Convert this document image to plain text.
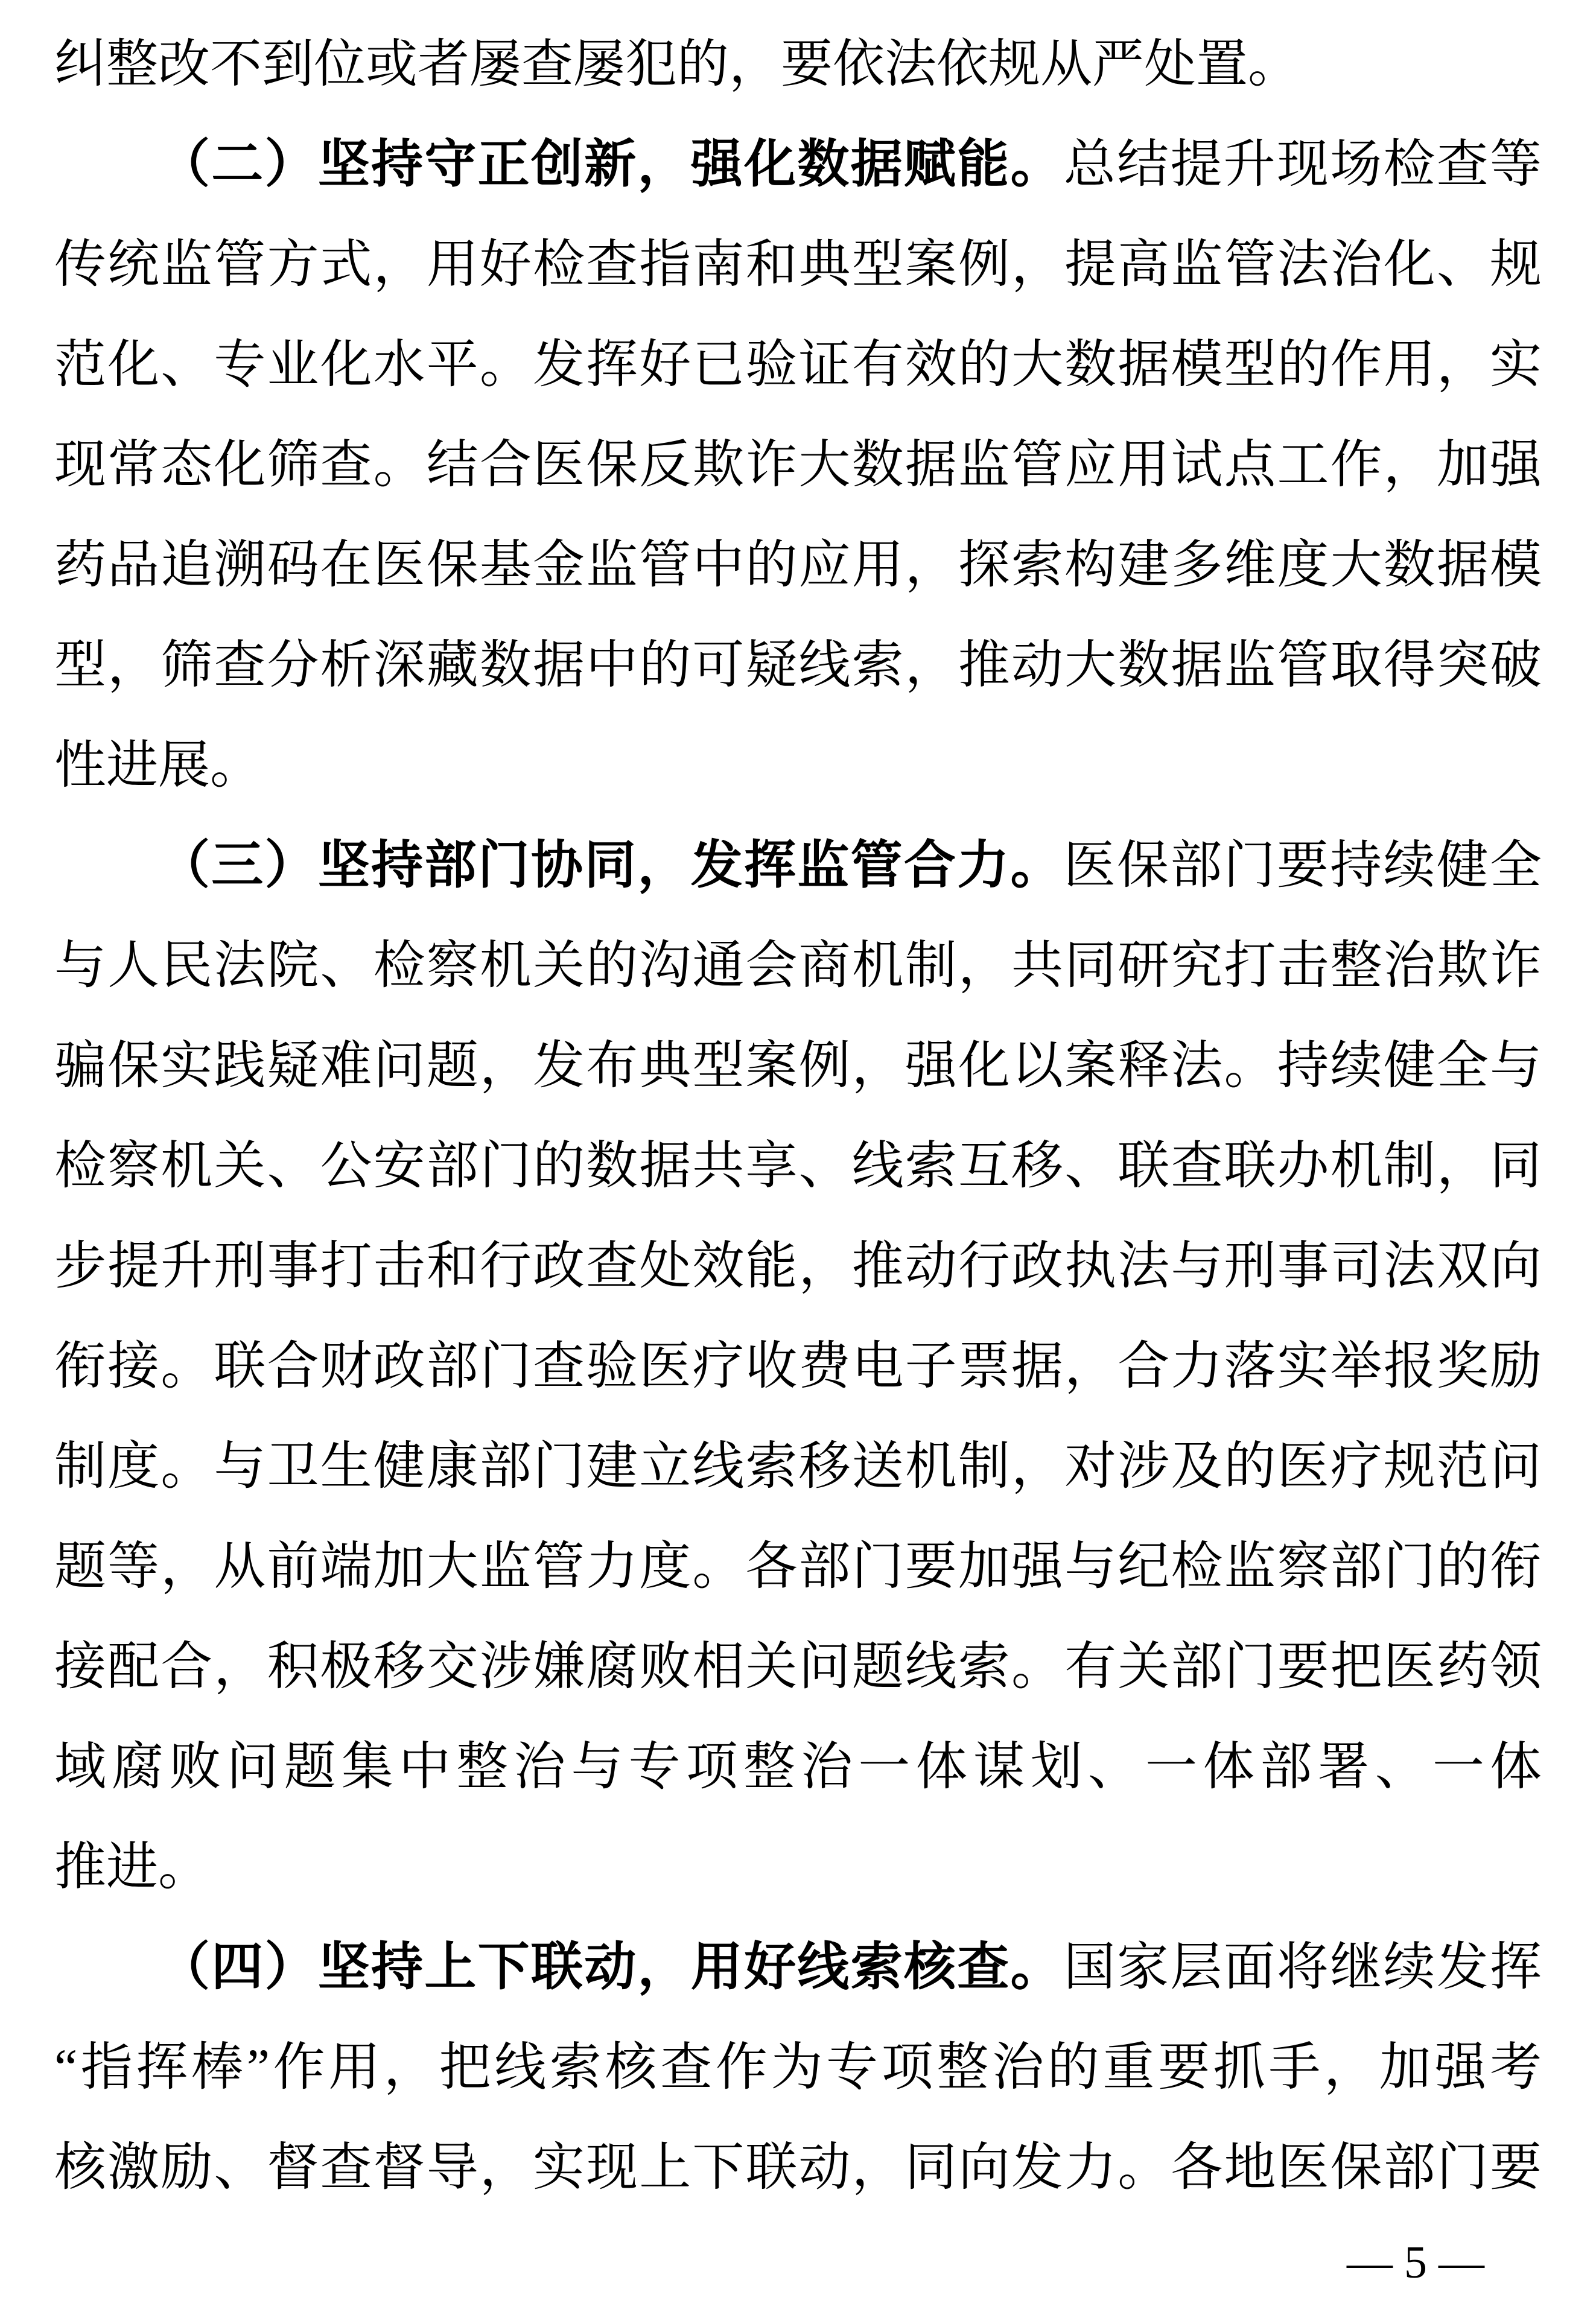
纠整改不到位或者屡查屡犯的，要依法依规从严处置。
（二）坚持守正创新，强化数据赋能。总结提升现场检查等
传统监管方式，用好检查指南和典型案例，提高监管法治化、规
范化、专业化水平。发挥好已验证有效的大数据模型的作用，实
现常态化筛查。结合医保反欺诈大数据监管应用试点工作，加强
药品追溯码在医保基金监管中的应用，探索构建多维度大数据模
型，筛查分析深藏数据中的可疑线索，推动大数据监管取得突破
性进展。
（三）坚持部门协同，发挥监管合力。医保部门要持续健全
与人民法院、检察机关的沟通会商机制，共同研究打击整治欺诈
骗保实践疑难问题，发布典型案例，强化以案释法。持续健全与
检察机关、公安部门的数据共享、线索互移、联查联办机制，同
步提升刑事打击和行政查处效能，推动行政执法与刑事司法双向
衔接。联合财政部门查验医疗收费电子票据，合力落实举报奖励
制度。与卫生健康部门建立线索移送机制，对涉及的医疗规范问
题等，从前端加大监管力度。各部门要加强与纪检监察部门的衔
接配合，积极移交涉嫌腐败相关问题线索。有关部门要把医药领
域腐败问题集中整治与专项整治一体谋划、一体部署、一体
推进。
（四）坚持上下联动，用好线索核查。国家层面将继续发挥
“指挥棒”作用，把线索核查作为专项整治的重要抓手，加强考
核激励、督查督导，实现上下联动，同向发力。各地医保部门要
— 5 —
